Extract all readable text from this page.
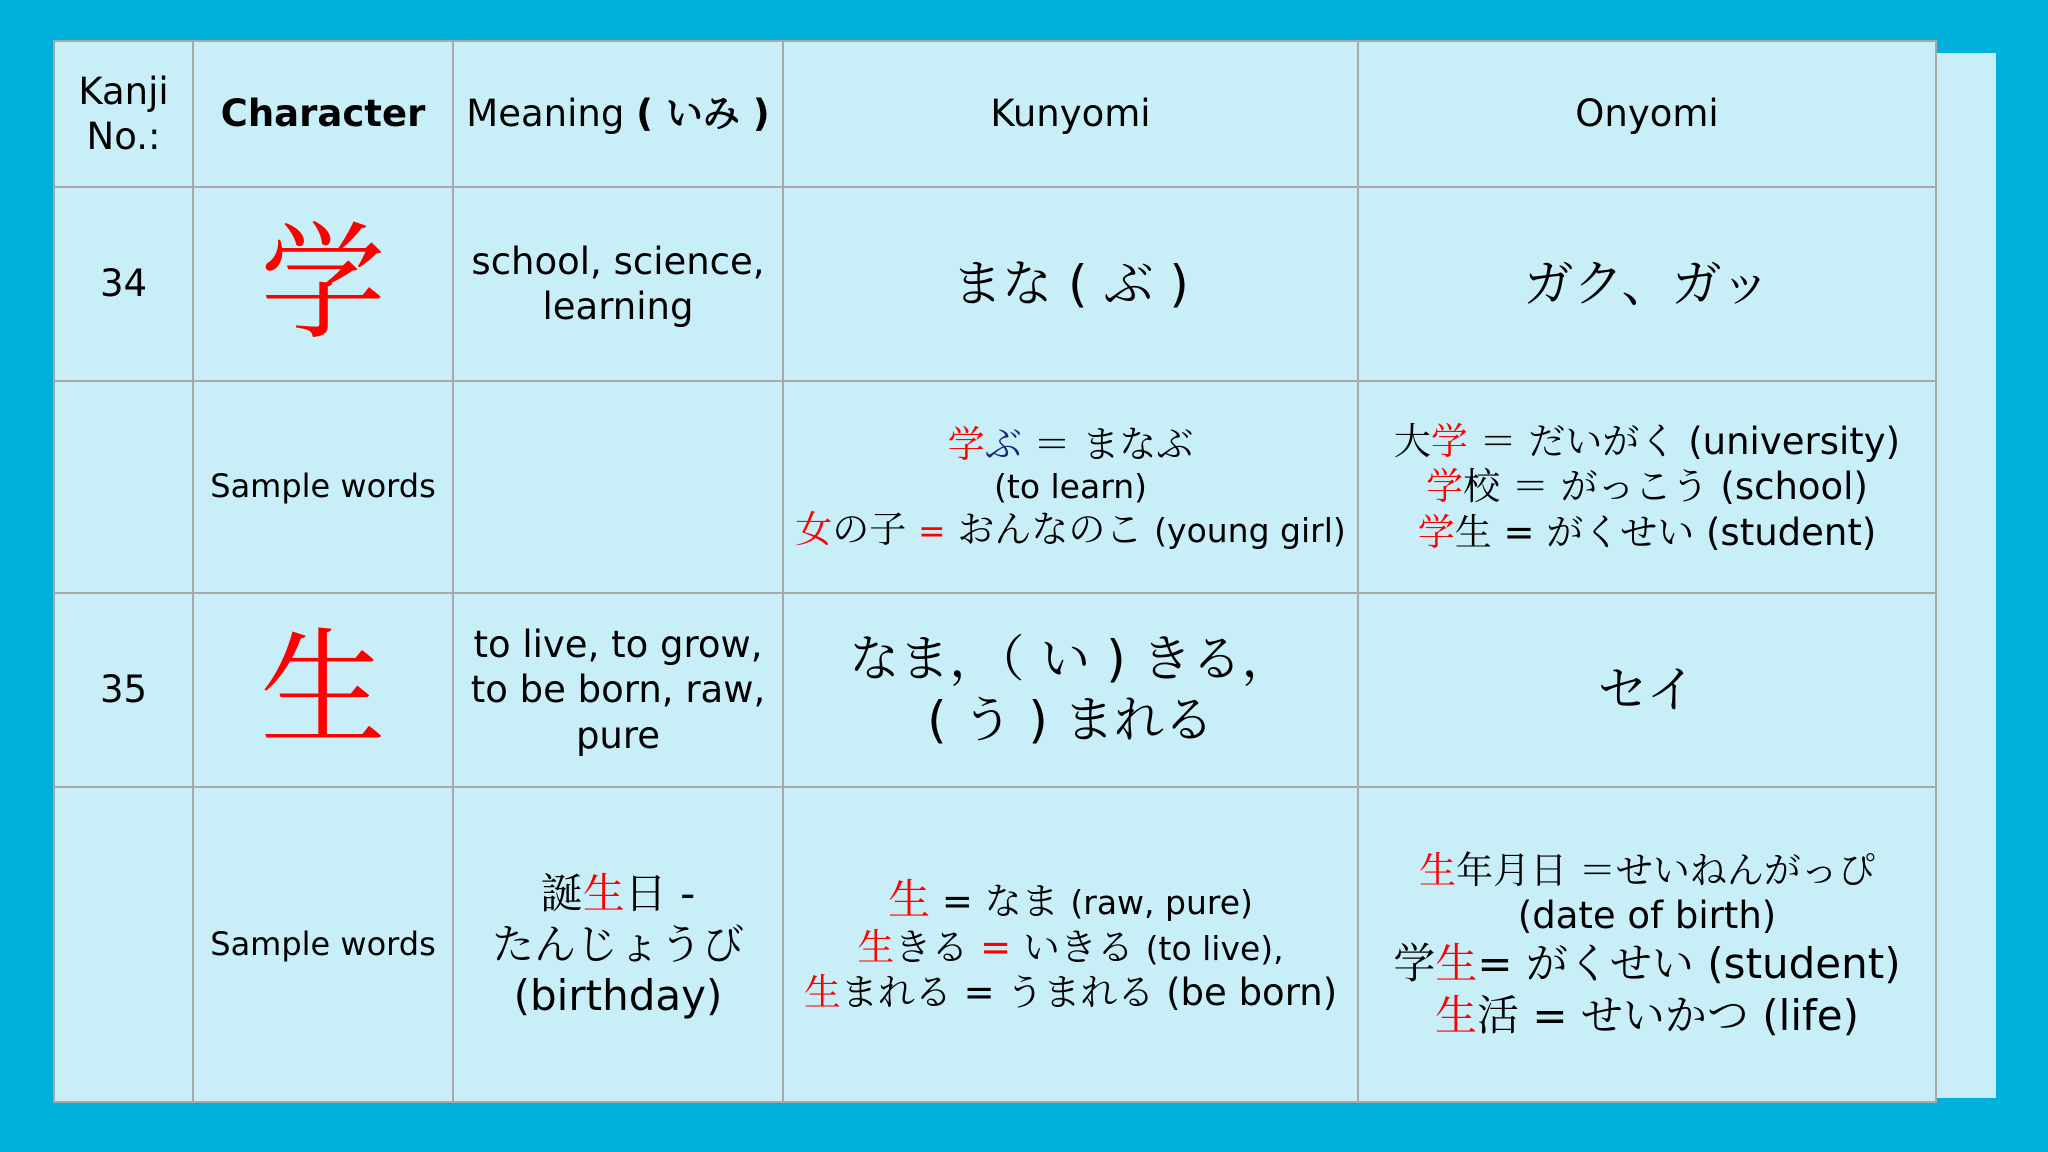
Kanji No.:	Character	Meaning ( いみ )	Kunyomi	Onyomi
34	学	school, science, learning	まな ( ぶ )	ガク、ガッ
	Sample words		学ぶ ＝ まなぶ
(to learn)
女の子 = おんなのこ (young girl)	大学 ＝ だいがく (university)
学校 ＝ がっこう (school)
学生 = がくせい (student)

35	生	to live, to grow, to be born, raw, pure	なま，（ い ) きる，
( う ) まれる	セイ
	Sample words	誕生日 -
たんじょうび
(birthday)	生 = なま (raw, pure)
生きる = いきる (to live),
生まれる = うまれる (be born)	生年月日 ＝せいねんがっぴ
(date of birth)
学生= がくせい (student)
生活 = せいかつ (life)
